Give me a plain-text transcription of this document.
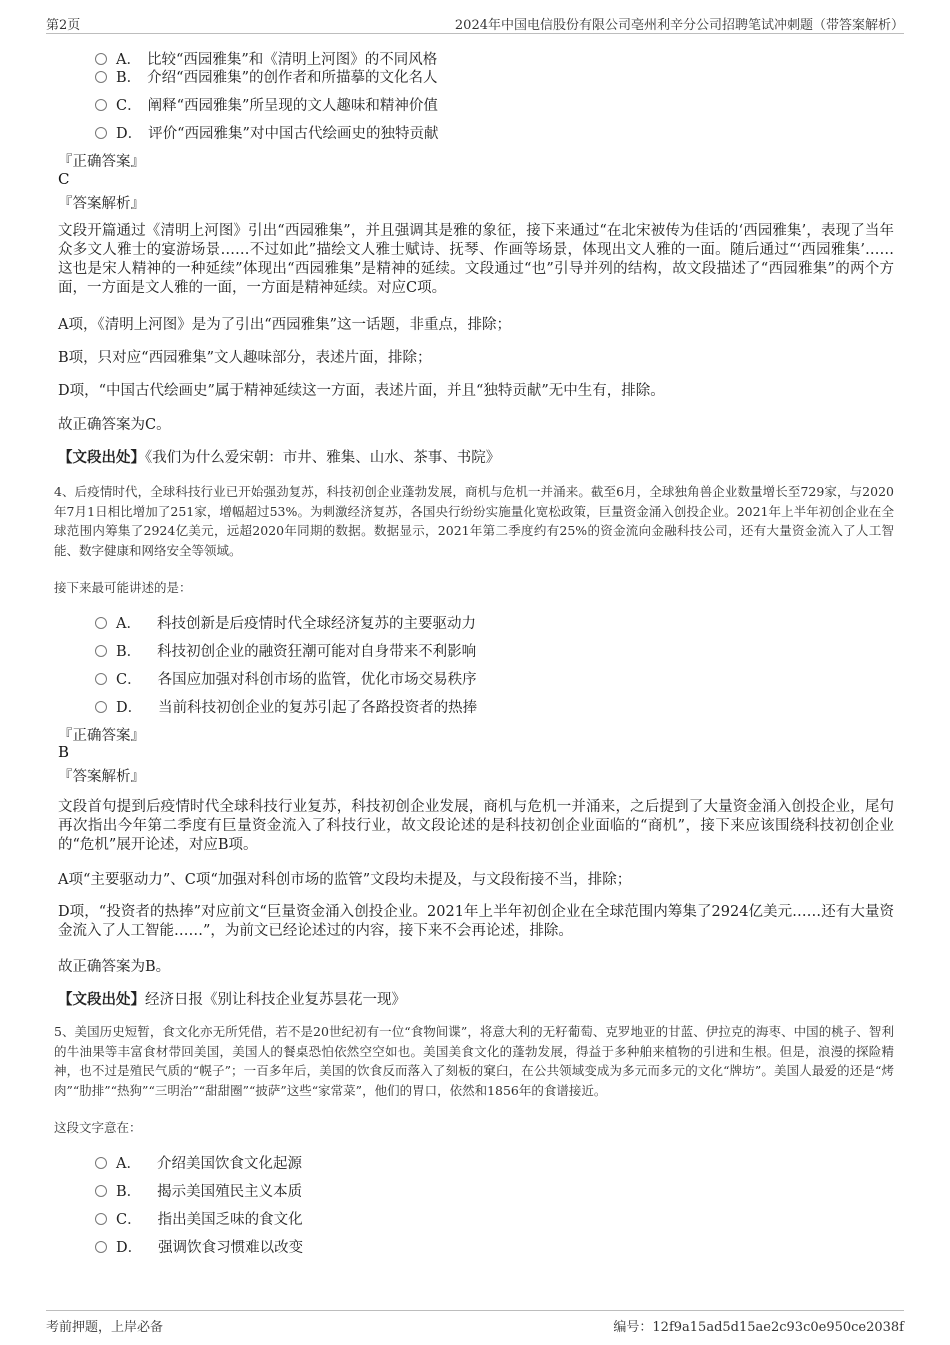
第2页	2024年中国电信股份有限公司亳州利辛分公司招聘笔试冲刺题（带答案解析）
A． 比较“西园雅集”和《清明上河图》的不同风格
B． 介绍“西园雅集”的创作者和所描摹的文化名人
C． 阐释“西园雅集”所呈现的文人趣味和精神价值
D． 评价“西园雅集”对中国古代绘画史的独特贡献
『正确答案』
C
『答案解析』
文段开篇通过《清明上河图》引出“西园雅集”，并且强调其是雅的象征，接下来通过“在北宋被传为佳话的‘西园雅集’，表现了当年众多文人雅士的宴游场景……不过如此”描绘文人雅士赋诗、抚琴、作画等场景，体现出文人雅的一面。随后通过“‘西园雅集’……这也是宋人精神的一种延续”体现出“西园雅集”是精神的延续。文段通过“也”引导并列的结构，故文段描述了“西园雅集”的两个方面，一方面是文人雅的一面，一方面是精神延续。对应C项。
A项，《清明上河图》是为了引出“西园雅集”这一话题，非重点，排除；
B项，只对应“西园雅集”文人趣味部分，表述片面，排除；
D项，“中国古代绘画史”属于精神延续这一方面，表述片面，并且“独特贡献”无中生有，排除。
故正确答案为C。
【文段出处】《我们为什么爱宋朝：市井、雅集、山水、茶事、书院》
4、后疫情时代，全球科技行业已开始强劲复苏，科技初创企业蓬勃发展，商机与危机一并涌来。截至6月，全球独角兽企业数量增长至729家，与2020年7月1日相比增加了251家，增幅超过53%。为刺激经济复苏，各国央行纷纷实施量化宽松政策，巨量资金涌入创投企业。2021年上半年初创企业在全球范围内筹集了2924亿美元，远超2020年同期的数据。数据显示，2021年第二季度约有25%的资金流向金融科技公司，还有大量资金流入了人工智能、数字健康和网络安全等领域。
接下来最可能讲述的是：
A． 科技创新是后疫情时代全球经济复苏的主要驱动力
B． 科技初创企业的融资狂潮可能对自身带来不利影响
C． 各国应加强对科创市场的监管，优化市场交易秩序
D． 当前科技初创企业的复苏引起了各路投资者的热捧
『正确答案』
B
『答案解析』
文段首句提到后疫情时代全球科技行业复苏，科技初创企业发展，商机与危机一并涌来，之后提到了大量资金涌入创投企业，尾句再次指出今年第二季度有巨量资金流入了科技行业，故文段论述的是科技初创企业面临的“商机”，接下来应该围绕科技初创企业的“危机”展开论述，对应B项。
A项“主要驱动力”、C项“加强对科创市场的监管”文段均未提及，与文段衔接不当，排除；
D项，“投资者的热捧”对应前文“巨量资金涌入创投企业。2021年上半年初创企业在全球范围内筹集了2924亿美元……还有大量资金流入了人工智能……”，为前文已经论述过的内容，接下来不会再论述，排除。
故正确答案为B。
【文段出处】经济日报《别让科技企业复苏昙花一现》
5、美国历史短暂，食文化亦无所凭借，若不是20世纪初有一位“食物间谍”，将意大利的无籽葡萄、克罗地亚的甘蓝、伊拉克的海枣、中国的桃子、智利的牛油果等丰富食材带回美国，美国人的餐桌恐怕依然空空如也。美国美食文化的蓬勃发展，得益于多种舶来植物的引进和生根。但是，浪漫的探险精神，也不过是殖民气质的“幌子”；一百多年后，美国的饮食反而落入了刻板的窠臼，在公共领域变成为多元而多元的文化“牌坊”。美国人最爱的还是“烤肉”“肋排”“热狗”“三明治”“甜甜圈”“披萨”这些“家常菜”，他们的胃口，依然和1856年的食谱接近。
这段文字意在：
A． 介绍美国饮食文化起源
B． 揭示美国殖民主义本质
C． 指出美国乏味的食文化
D． 强调饮食习惯难以改变
考前押题，上岸必备	编号：12f9a15ad5d15ae2c93c0e950ce2038f
